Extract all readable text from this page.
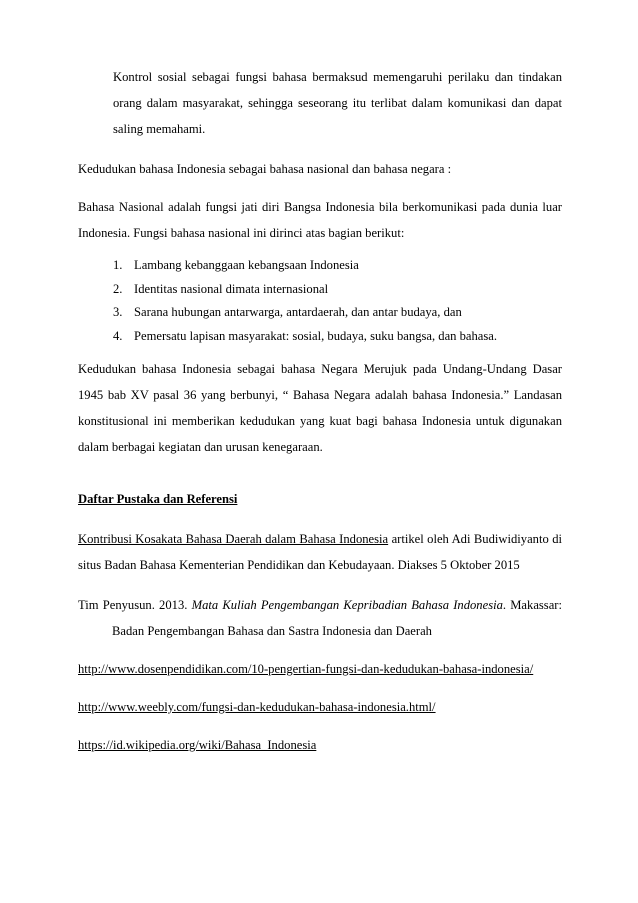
Kontrol sosial sebagai fungsi bahasa bermaksud memengaruhi perilaku dan tindakan orang dalam masyarakat, sehingga seseorang itu terlibat dalam komunikasi dan dapat saling memahami.

Kedudukan bahasa Indonesia sebagai bahasa nasional dan bahasa negara :

Bahasa Nasional adalah fungsi jati diri Bangsa Indonesia bila berkomunikasi pada dunia luar Indonesia. Fungsi bahasa nasional ini dirinci atas bagian berikut:

1. Lambang kebanggaan kebangsaan Indonesia
2. Identitas nasional dimata internasional
3. Sarana hubungan antarwarga, antardaerah, dan antar budaya, dan
4. Pemersatu lapisan masyarakat: sosial, budaya, suku bangsa, dan bahasa.

Kedudukan bahasa Indonesia sebagai bahasa Negara Merujuk pada Undang-Undang Dasar 1945 bab XV pasal 36 yang berbunyi, “ Bahasa Negara adalah bahasa Indonesia.” Landasan konstitusional ini memberikan kedudukan yang kuat bagi bahasa Indonesia untuk digunakan dalam berbagai kegiatan dan urusan kenegaraan.

Daftar Pustaka dan Referensi

Kontribusi Kosakata Bahasa Daerah dalam Bahasa Indonesia artikel oleh Adi Budiwidiyanto di situs Badan Bahasa Kementerian Pendidikan dan Kebudayaan. Diakses 5 Oktober 2015

Tim Penyusun. 2013. Mata Kuliah Pengembangan Kepribadian Bahasa Indonesia. Makassar: Badan Pengembangan Bahasa dan Sastra Indonesia dan Daerah

http://www.dosenpendidikan.com/10-pengertian-fungsi-dan-kedudukan-bahasa-indonesia/
http://www.weebly.com/fungsi-dan-kedudukan-bahasa-indonesia.html/
https://id.wikipedia.org/wiki/Bahasa_Indonesia
